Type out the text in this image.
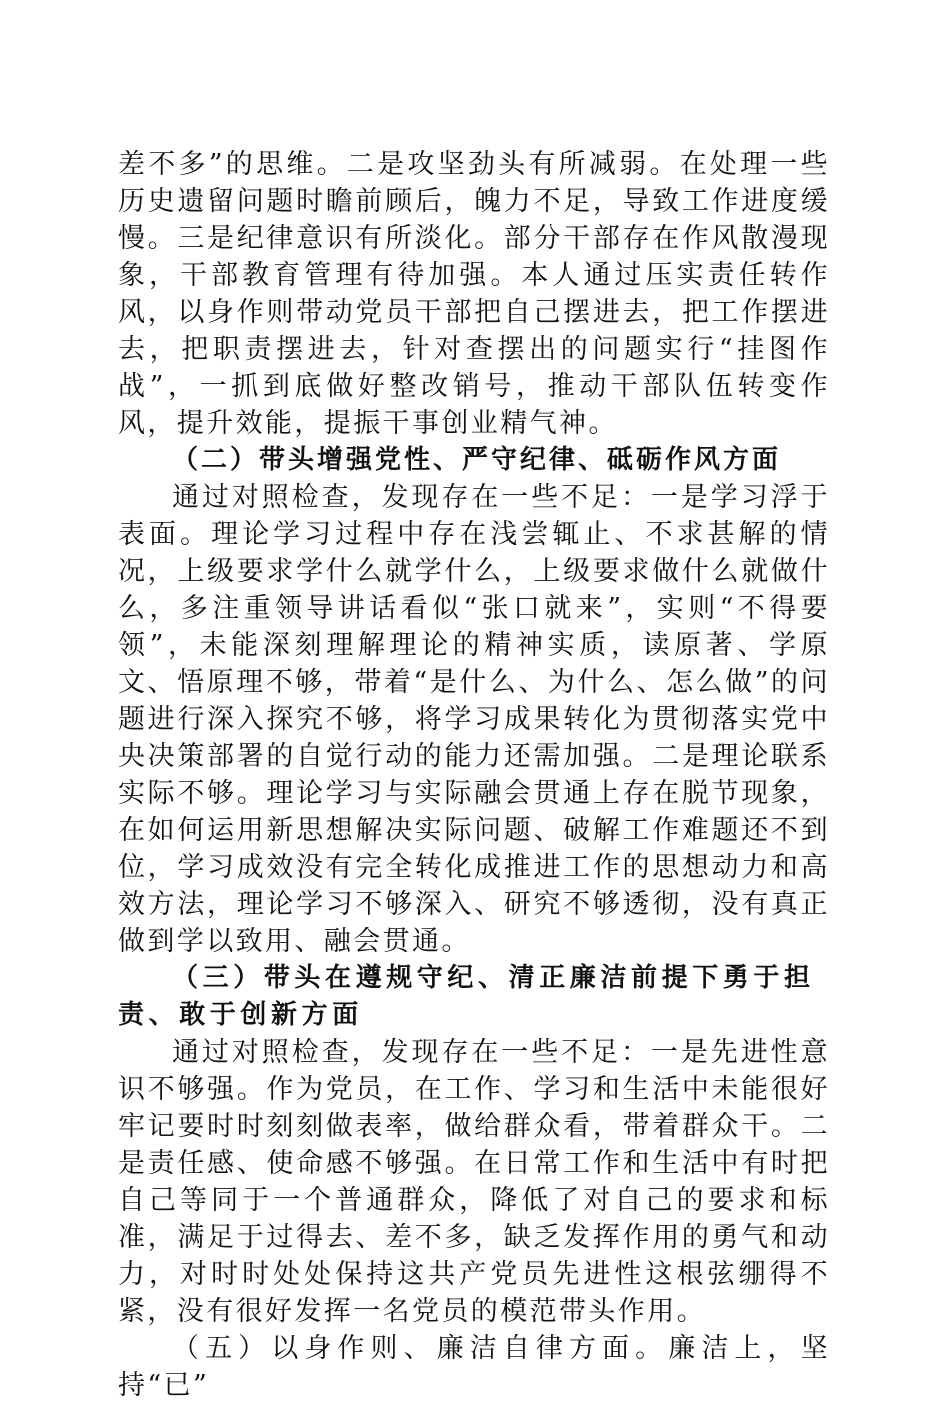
差不多”的思维。二是攻坚劲头有所减弱。在处理一些历史遗留问题时瞻前顾后，魄力不足，导致工作进度缓慢。三是纪律意识有所淡化。部分干部存在作风散漫现象，干部教育管理有待加强。本人通过压实责任转作风，以身作则带动党员干部把自己摆进去，把工作摆进去，把职责摆进去，针对查摆出的问题实行“挂图作战”，一抓到底做好整改销号，推动干部队伍转变作风，提升效能，提振干事创业精气神。

（二）带头增强党性、严守纪律、砥砺作风方面

通过对照检查，发现存在一些不足：一是学习浮于表面。理论学习过程中存在浅尝辄止、不求甚解的情况，上级要求学什么就学什么，上级要求做什么就做什么，多注重领导讲话看似“张口就来”，实则“不得要领”，未能深刻理解理论的精神实质，读原著、学原文、悟原理不够，带着“是什么、为什么、怎么做”的问题进行深入探究不够，将学习成果转化为贯彻落实党中央决策部署的自觉行动的能力还需加强。二是理论联系实际不够。理论学习与实际融会贯通上存在脱节现象，在如何运用新思想解决实际问题、破解工作难题还不到位，学习成效没有完全转化成推进工作的思想动力和高效方法，理论学习不够深入、研究不够透彻，没有真正做到学以致用、融会贯通。

（三）带头在遵规守纪、清正廉洁前提下勇于担责、敢于创新方面

通过对照检查，发现存在一些不足：一是先进性意识不够强。作为党员，在工作、学习和生活中未能很好牢记要时时刻刻做表率，做给群众看，带着群众干。二是责任感、使命感不够强。在日常工作和生活中有时把自己等同于一个普通群众，降低了对自己的要求和标准，满足于过得去、差不多，缺乏发挥作用的勇气和动力，对时时处处保持这共产党员先进性这根弦绷得不紧，没有很好发挥一名党员的模范带头作用。

（五）以身作则、廉洁自律方面。廉洁上，坚持“已”
